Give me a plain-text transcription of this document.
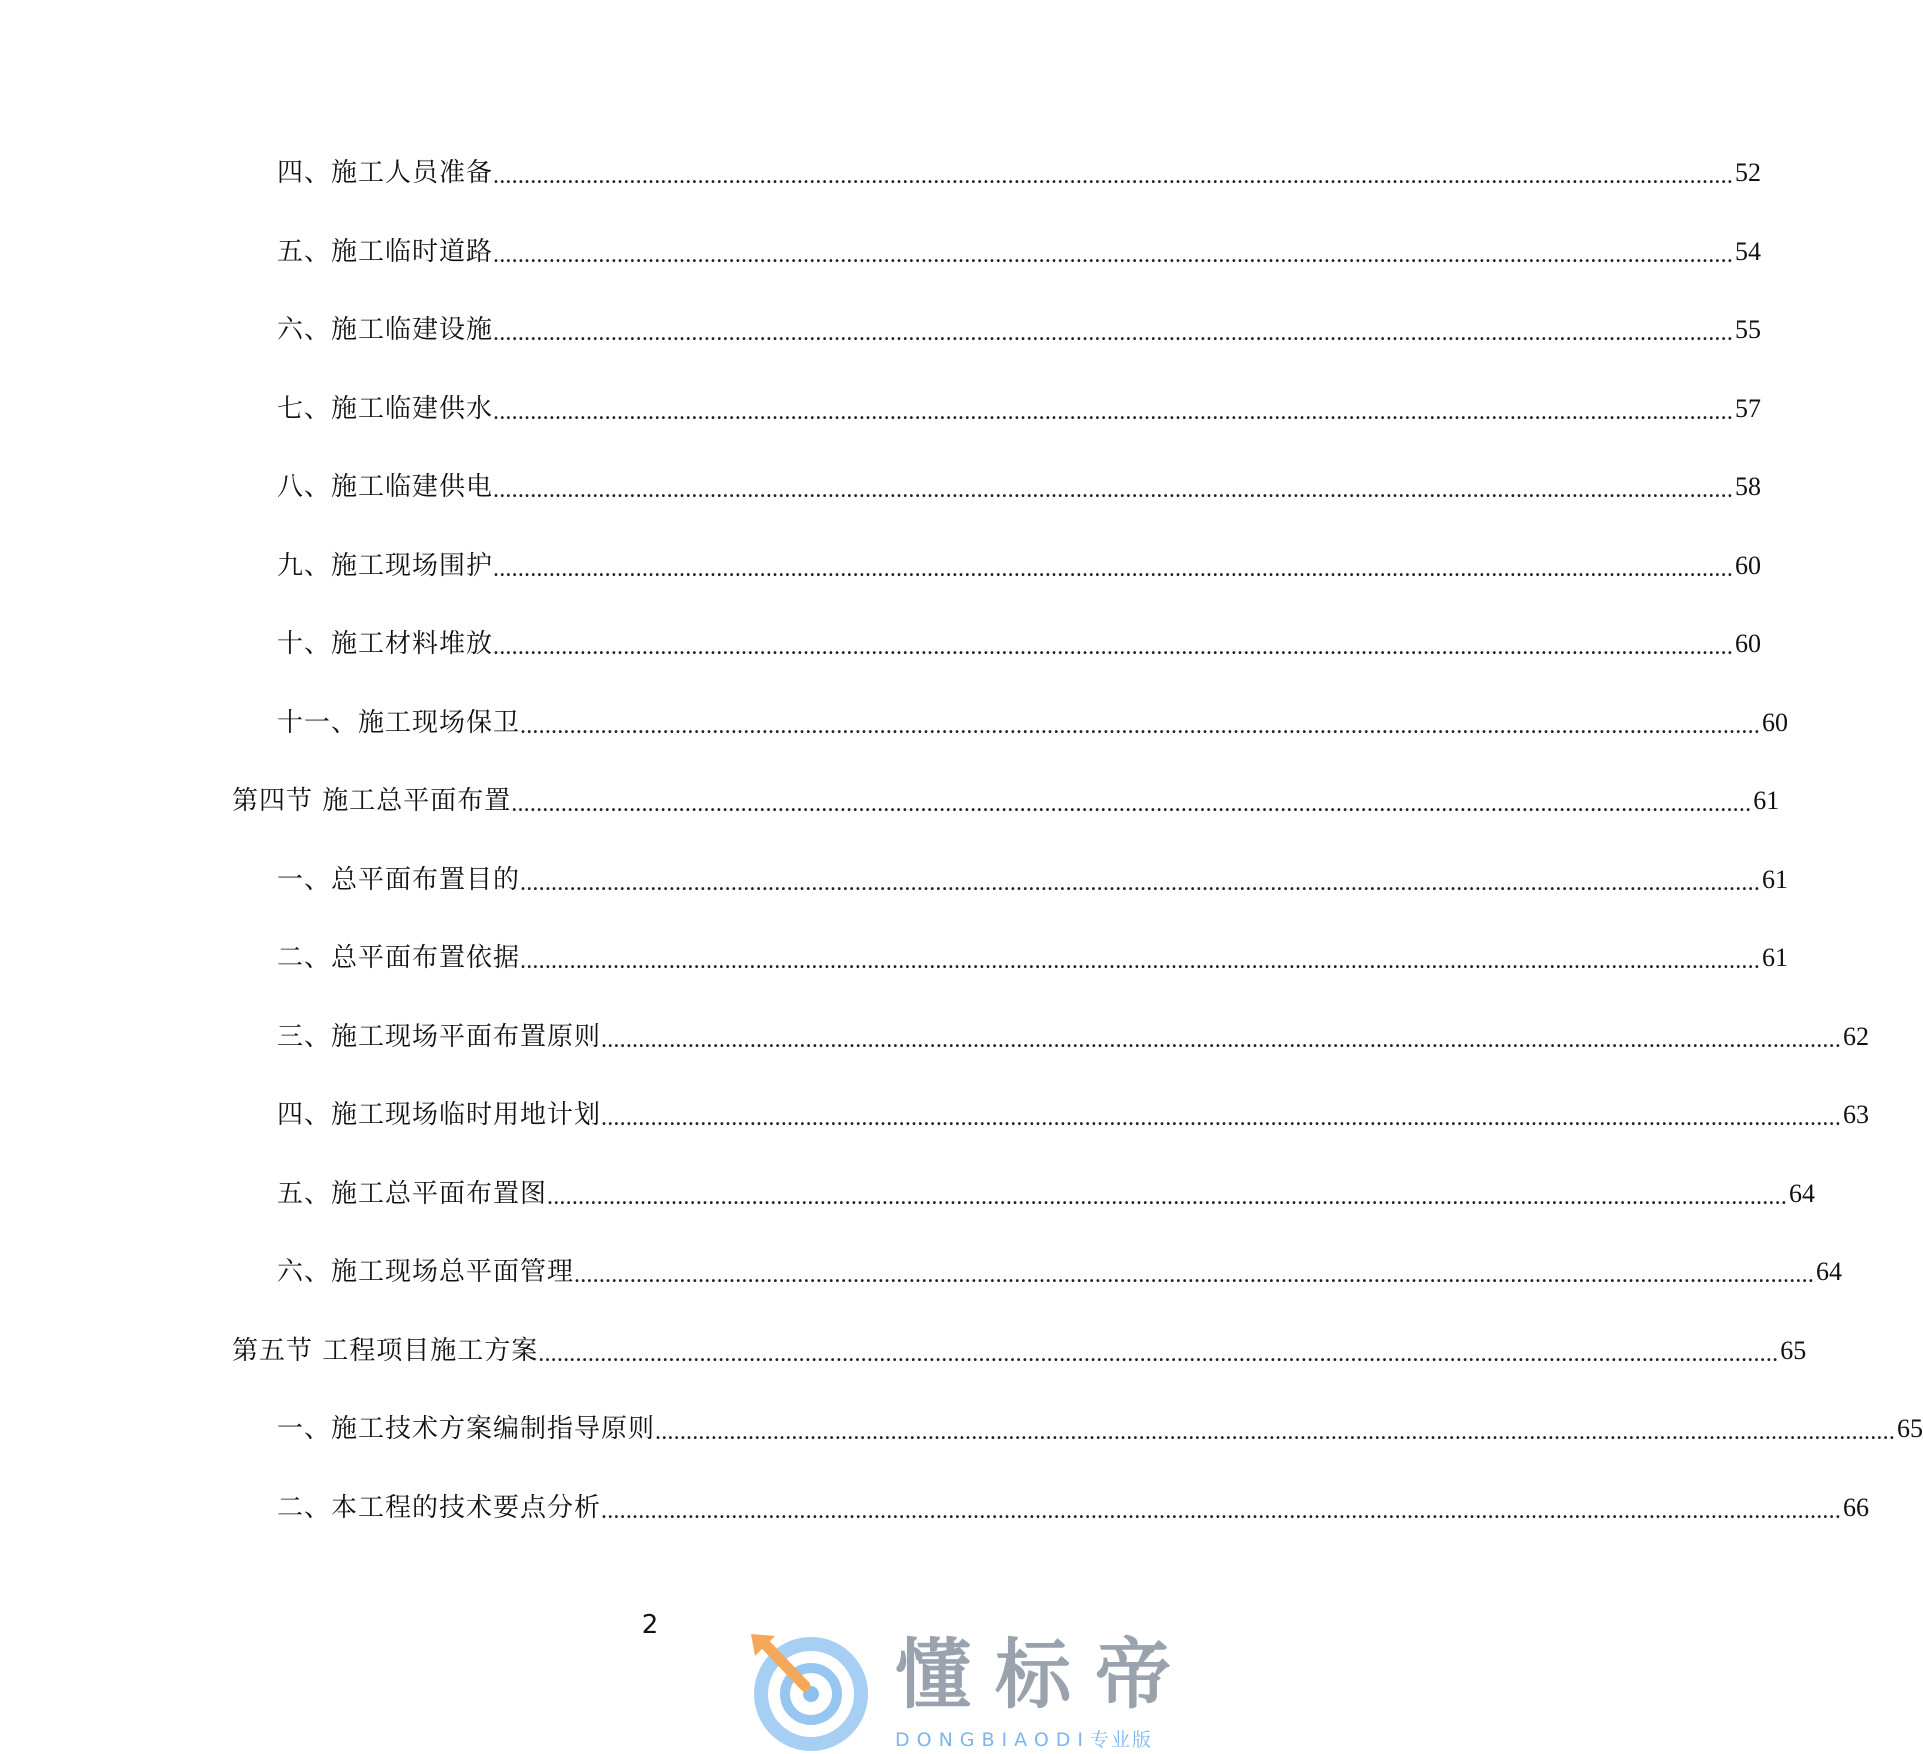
四、施工人员准备 ........................................................................................................................................................................................................ 52
五、施工临时道路 ........................................................................................................................................................................................................ 54
六、施工临建设施 ........................................................................................................................................................................................................ 55
七、施工临建供水 ........................................................................................................................................................................................................ 57
八、施工临建供电 ........................................................................................................................................................................................................ 58
九、施工现场围护 ........................................................................................................................................................................................................ 60
十、施工材料堆放 ........................................................................................................................................................................................................ 60
十一、施工现场保卫 ........................................................................................................................................................................................................ 60
第四节 施工总平面布置 ........................................................................................................................................................................................................ 61
一、总平面布置目的 ........................................................................................................................................................................................................ 61
二、总平面布置依据 ........................................................................................................................................................................................................ 61
三、施工现场平面布置原则 ........................................................................................................................................................................................................ 62
四、施工现场临时用地计划 ........................................................................................................................................................................................................ 63
五、施工总平面布置图 ........................................................................................................................................................................................................ 64
六、施工现场总平面管理 ........................................................................................................................................................................................................ 64
第五节 工程项目施工方案 ........................................................................................................................................................................................................ 65
一、施工技术方案编制指导原则 ........................................................................................................................................................................................................ 65
二、本工程的技术要点分析 ........................................................................................................................................................................................................ 66
2
懂标帝
DONGBIAODI专业版
